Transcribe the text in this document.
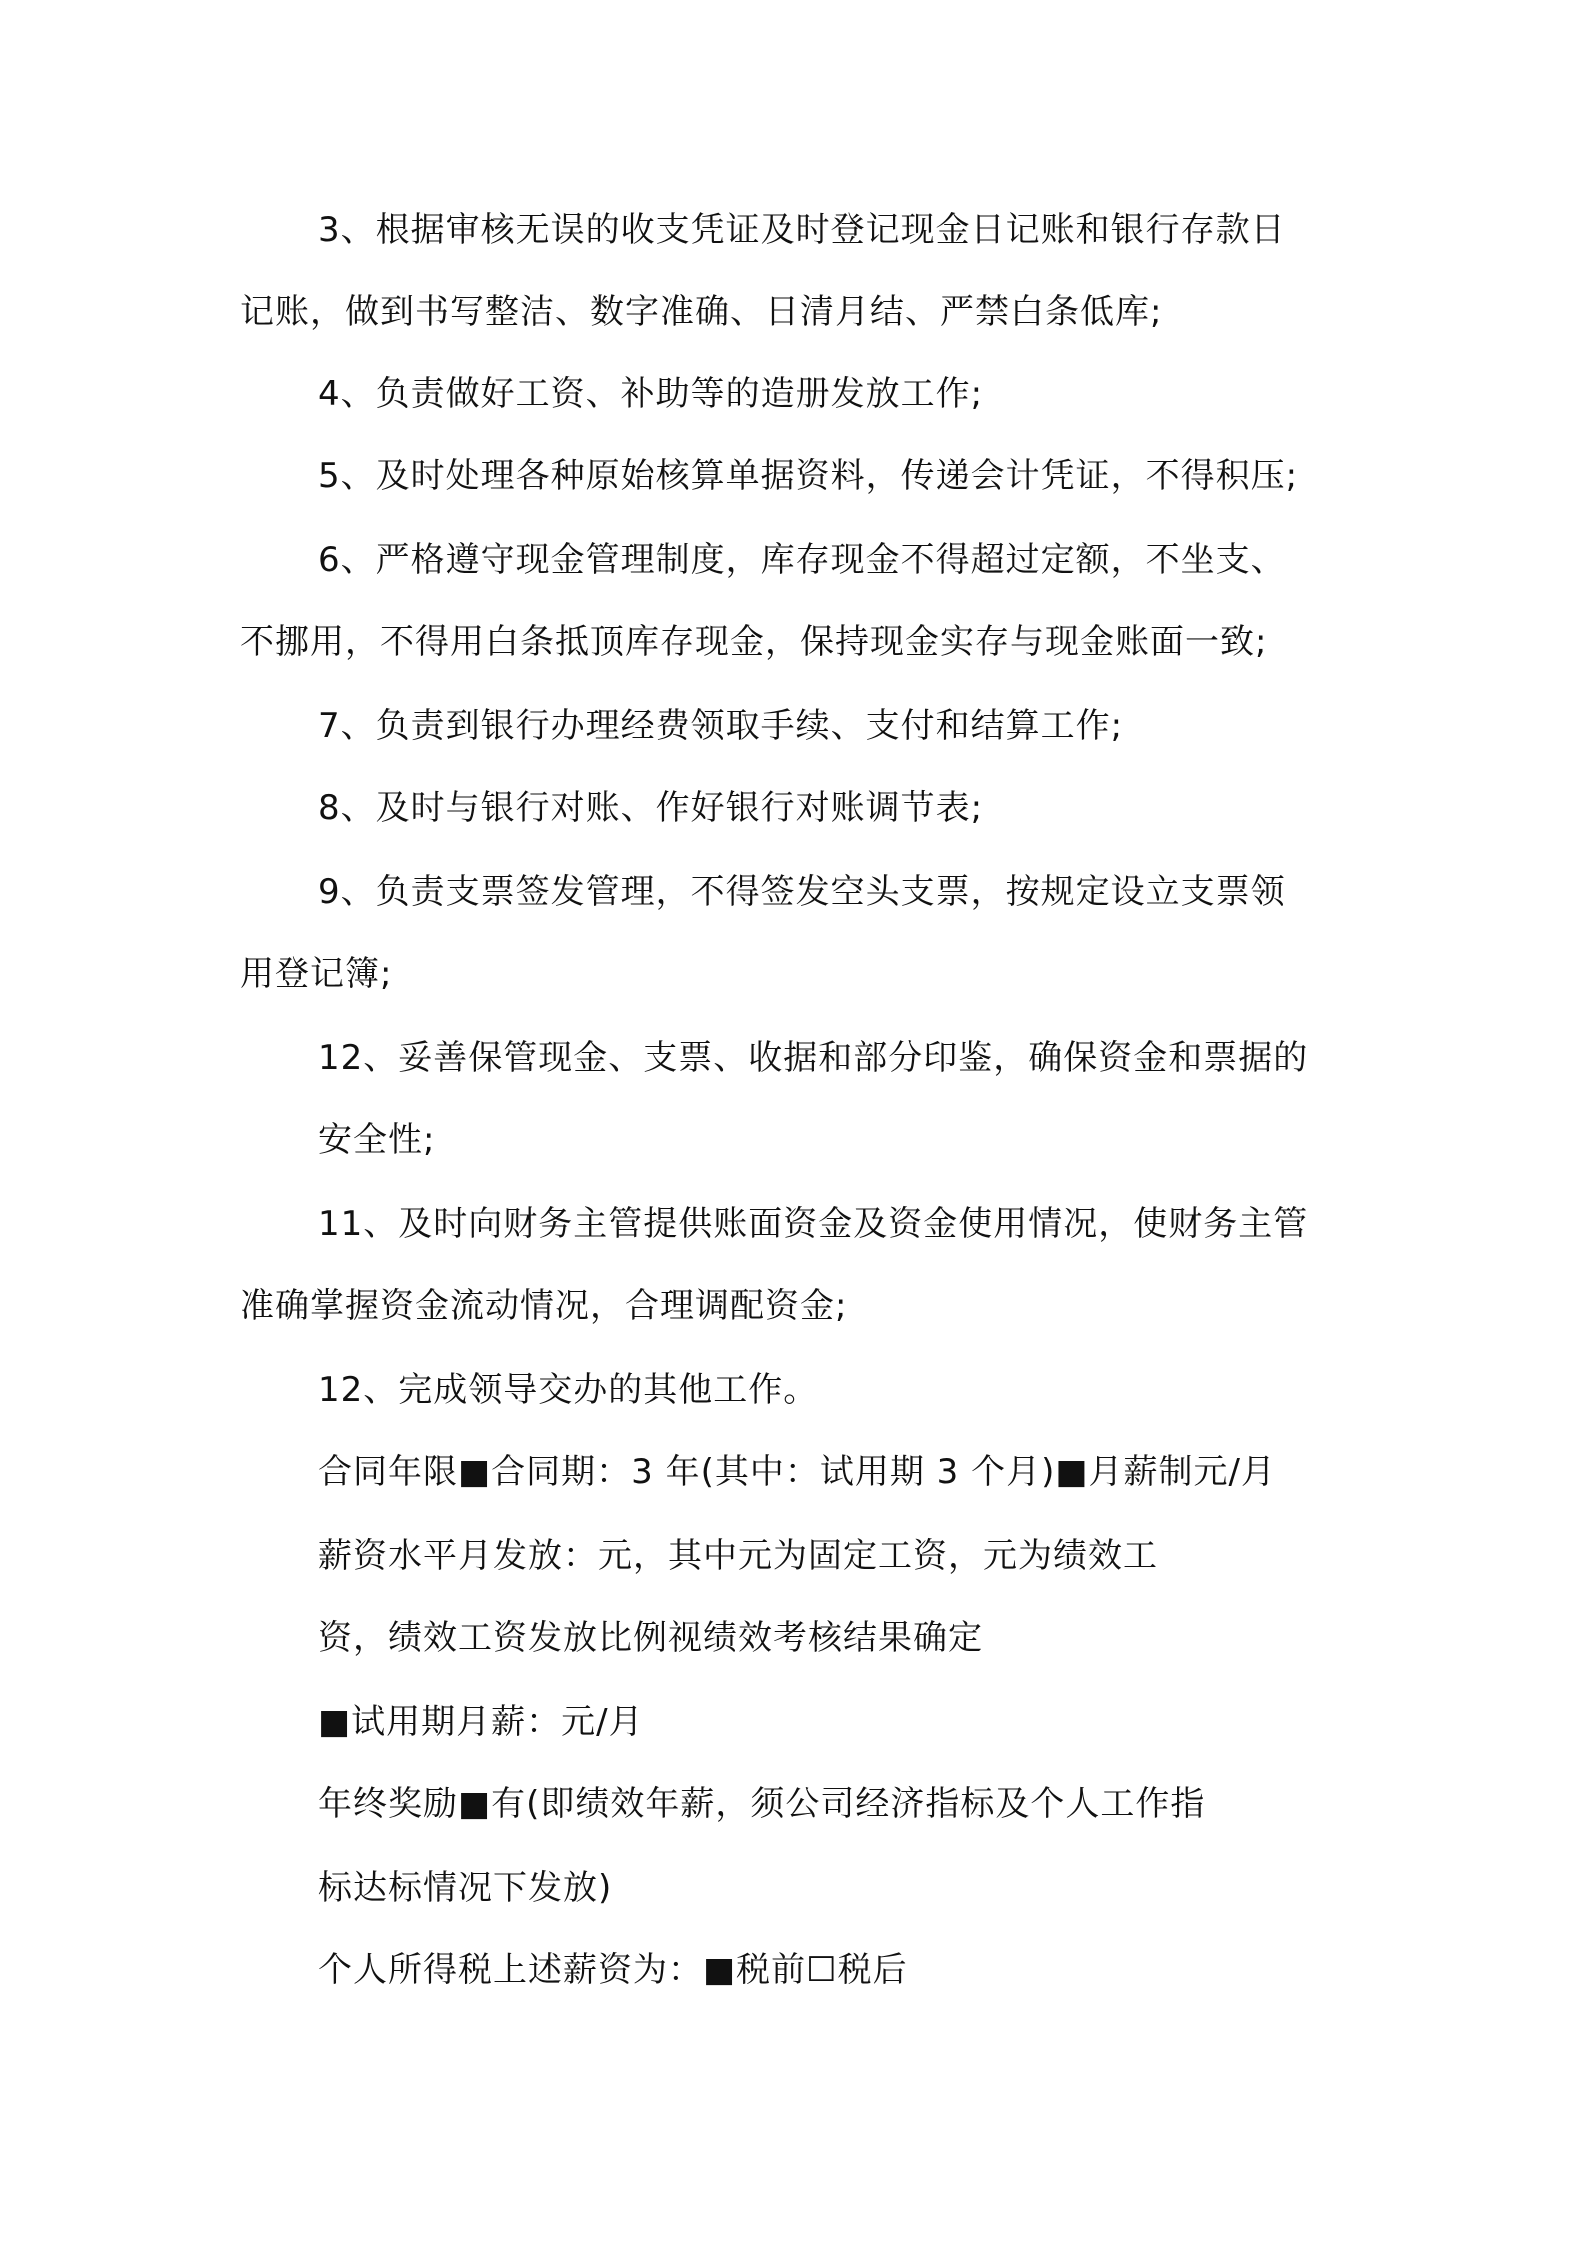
3、根据审核无误的收支凭证及时登记现金日记账和银行存款日
记账，做到书写整洁、数字准确、日清月结、严禁白条低库;
4、负责做好工资、补助等的造册发放工作;
5、及时处理各种原始核算单据资料，传递会计凭证，不得积压;
6、严格遵守现金管理制度，库存现金不得超过定额，不坐支、
不挪用，不得用白条抵顶库存现金，保持现金实存与现金账面一致;
7、负责到银行办理经费领取手续、支付和结算工作;
8、及时与银行对账、作好银行对账调节表;
9、负责支票签发管理，不得签发空头支票，按规定设立支票领
用登记簿;
12、妥善保管现金、支票、收据和部分印鉴，确保资金和票据的
安全性;
11、及时向财务主管提供账面资金及资金使用情况，使财务主管
准确掌握资金流动情况，合理调配资金;
12、完成领导交办的其他工作。
合同年限■合同期：3 年(其中：试用期 3 个月)■月薪制元/月
薪资水平月发放：元，其中元为固定工资，元为绩效工
资，绩效工资发放比例视绩效考核结果确定
■试用期月薪：元/月
年终奖励■有(即绩效年薪，须公司经济指标及个人工作指
标达标情况下发放)
个人所得税上述薪资为：■税前☐税后
